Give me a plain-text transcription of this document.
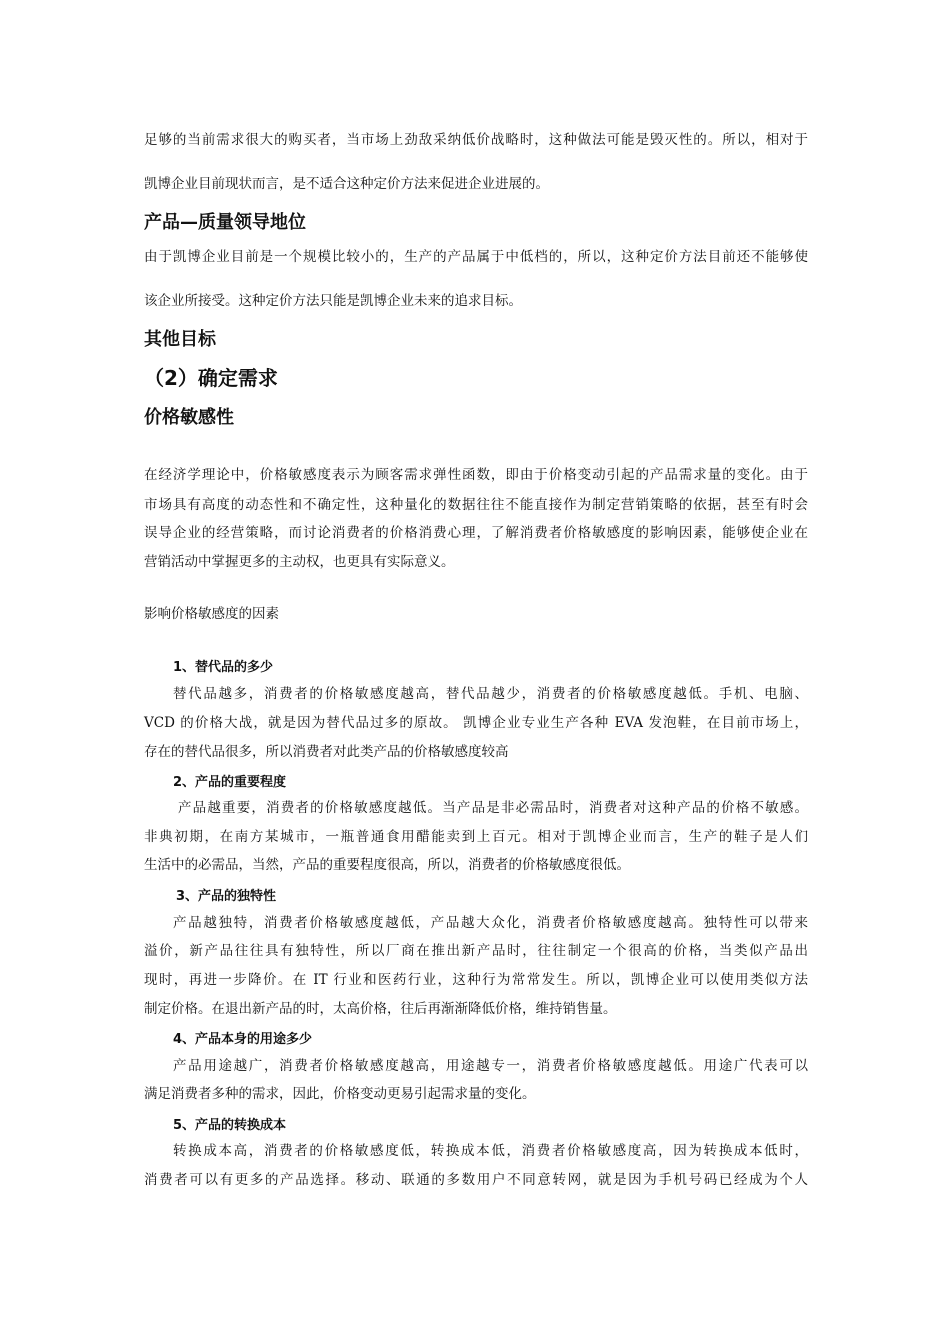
足够的当前需求很大的购买者，当市场上劲敌采纳低价战略时，这种做法可能是毁灭性的。所以，相对于
凯博企业目前现状而言，是不适合这种定价方法来促进企业进展的。
产品—质量领导地位
由于凯博企业目前是一个规模比较小的，生产的产品属于中低档的，所以，这种定价方法目前还不能够使
该企业所接受。这种定价方法只能是凯博企业未来的追求目标。
其他目标
（2）确定需求
价格敏感性
在经济学理论中，价格敏感度表示为顾客需求弹性函数，即由于价格变动引起的产品需求量的变化。由于
市场具有高度的动态性和不确定性，这种量化的数据往往不能直接作为制定营销策略的依据，甚至有时会
误导企业的经营策略，而讨论消费者的价格消费心理，了解消费者价格敏感度的影响因素，能够使企业在
营销活动中掌握更多的主动权，也更具有实际意义。
影响价格敏感度的因素
1、替代品的多少
替代品越多，消费者的价格敏感度越高，替代品越少，消费者的价格敏感度越低。手机、电脑、
VCD 的价格大战，就是因为替代品过多的原故。 凯博企业专业生产各种 EVA 发泡鞋，在目前市场上，
存在的替代品很多，所以消费者对此类产品的价格敏感度较高
2、产品的重要程度
产品越重要，消费者的价格敏感度越低。当产品是非必需品时，消费者对这种产品的价格不敏感。
非典初期，在南方某城市，一瓶普通食用醋能卖到上百元。相对于凯博企业而言，生产的鞋子是人们
生活中的必需品，当然，产品的重要程度很高，所以，消费者的价格敏感度很低。
3、产品的独特性
产品越独特，消费者价格敏感度越低，产品越大众化，消费者价格敏感度越高。独特性可以带来
溢价，新产品往往具有独特性，所以厂商在推出新产品时，往往制定一个很高的价格，当类似产品出
现时，再进一步降价。在 IT 行业和医药行业，这种行为常常发生。所以，凯博企业可以使用类似方法
制定价格。在退出新产品的时，太高价格，往后再渐渐降低价格，维持销售量。
4、产品本身的用途多少
产品用途越广，消费者价格敏感度越高，用途越专一，消费者价格敏感度越低。用途广代表可以
满足消费者多种的需求，因此，价格变动更易引起需求量的变化。
5、产品的转换成本
转换成本高，消费者的价格敏感度低，转换成本低，消费者价格敏感度高，因为转换成本低时，
消费者可以有更多的产品选择。移动、联通的多数用户不同意转网，就是因为手机号码已经成为个人
